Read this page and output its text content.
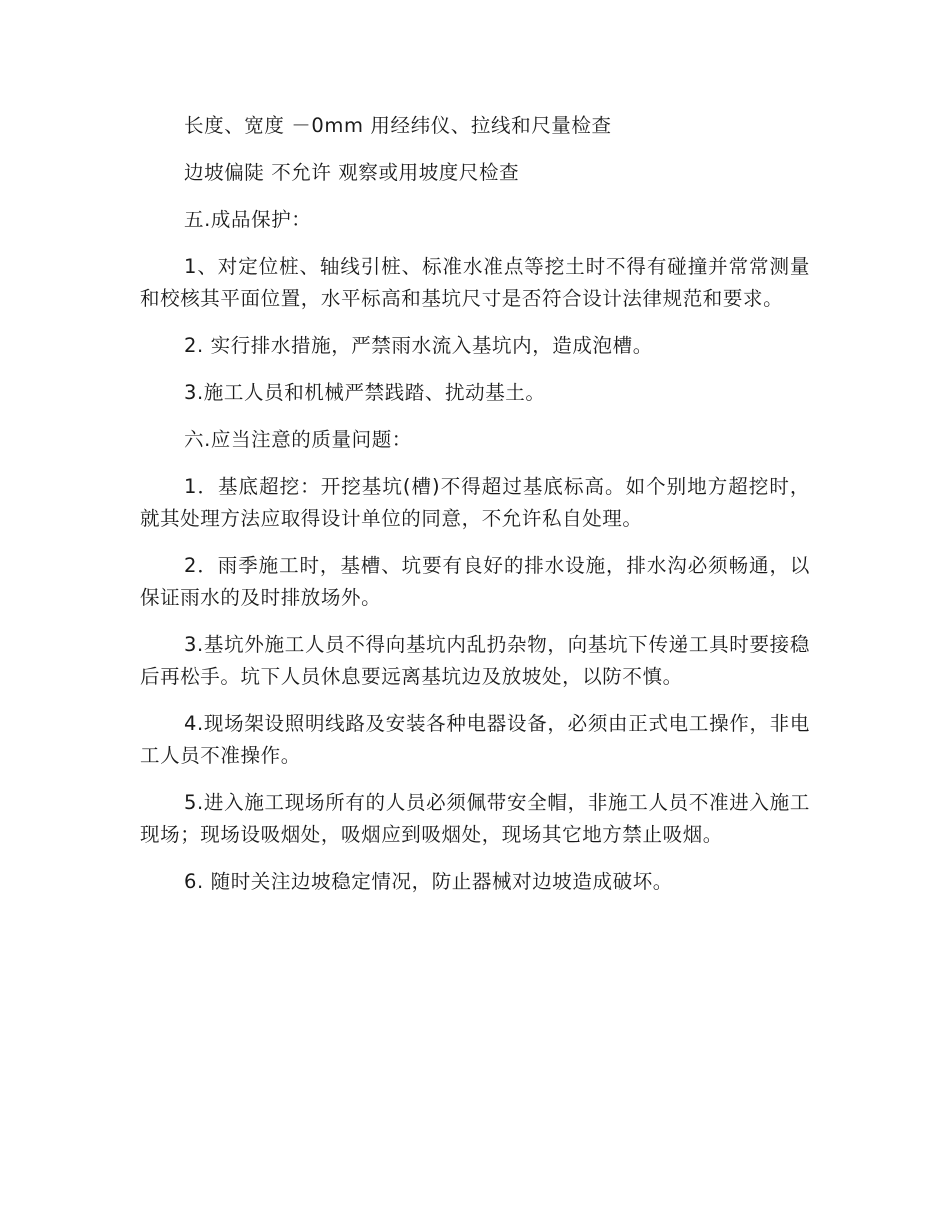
长度、宽度 －0mm 用经纬仪、拉线和尺量检查

边坡偏陡 不允许 观察或用坡度尺检查

五.成品保护：

1、对定位桩、轴线引桩、标准水准点等挖土时不得有碰撞并常常测量和校核其平面位置，水平标高和基坑尺寸是否符合设计法律规范和要求。

2. 实行排水措施，严禁雨水流入基坑内，造成泡槽。

3.施工人员和机械严禁践踏、扰动基土。

六.应当注意的质量问题：

1．基底超挖：开挖基坑(槽)不得超过基底标高。如个别地方超挖时，就其处理方法应取得设计单位的同意，不允许私自处理。

2．雨季施工时，基槽、坑要有良好的排水设施，排水沟必须畅通，以保证雨水的及时排放场外。

3.基坑外施工人员不得向基坑内乱扔杂物，向基坑下传递工具时要接稳后再松手。坑下人员休息要远离基坑边及放坡处，以防不慎。

4.现场架设照明线路及安装各种电器设备，必须由正式电工操作，非电工人员不准操作。

5.进入施工现场所有的人员必须佩带安全帽，非施工人员不准进入施工现场；现场设吸烟处，吸烟应到吸烟处，现场其它地方禁止吸烟。

6. 随时关注边坡稳定情况，防止器械对边坡造成破坏。
